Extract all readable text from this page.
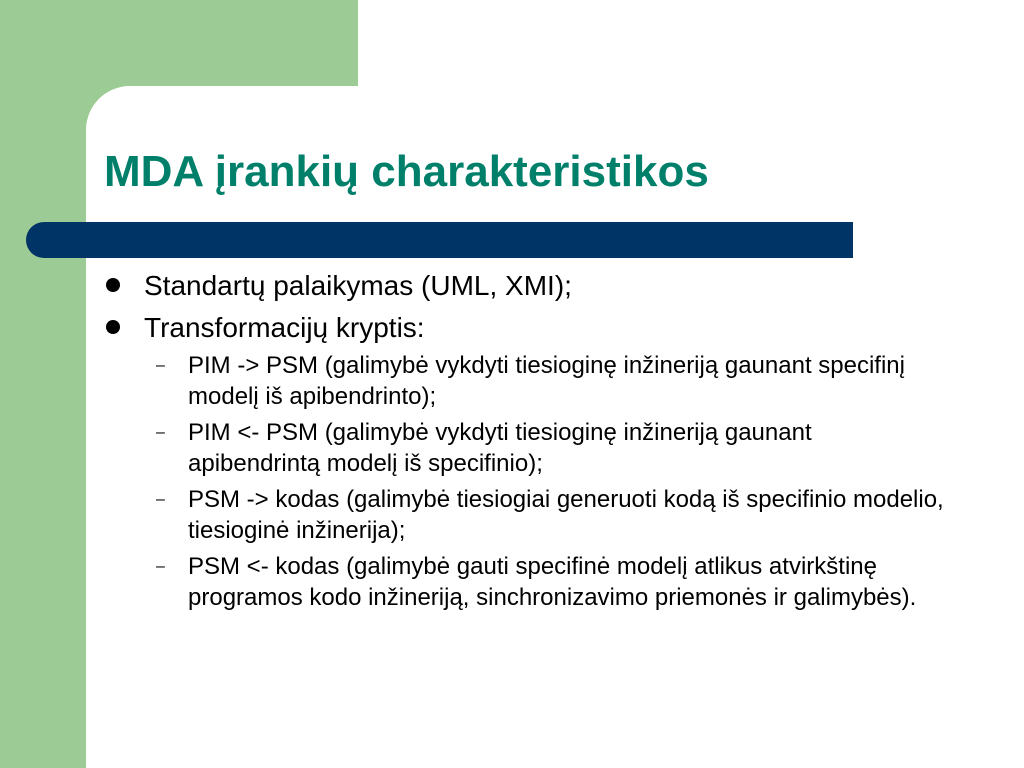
MDA įrankių charakteristikos
Standartų palaikymas (UML, XMI);
Transformacijų kryptis:
– PIM -> PSM (galimybė vykdyti tiesioginę inžineriją gaunant specifinį modelį iš apibendrinto);
– PIM <- PSM (galimybė vykdyti tiesioginę inžineriją gaunant apibendrintą modelį iš specifinio);
– PSM -> kodas (galimybė tiesiogiai generuoti kodą iš specifinio modelio, tiesioginė inžinerija);
– PSM <- kodas (galimybė gauti specifinė modelį atlikus atvirkštinę programos kodo inžineriją, sinchronizavimo priemonės ir galimybės).
